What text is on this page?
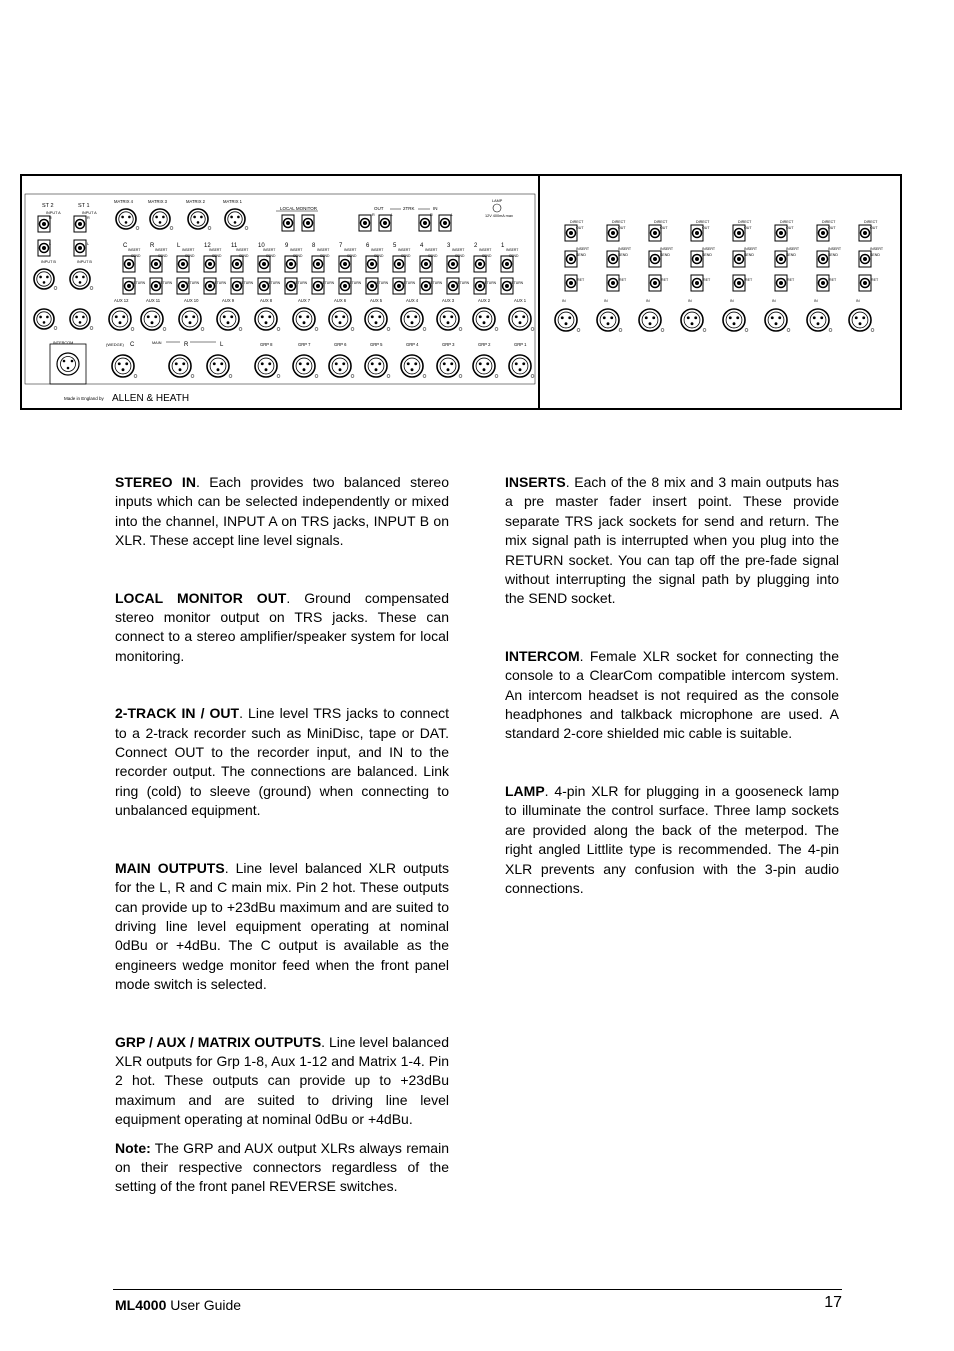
ST 2	ST 1
INPUT A	INPUT A
INPUT B	INPUT B
R
L
R
L
INTERCOM
Made in England by ALLEN & HEATH
MATRIX 4	MATRIX 3	MATRIX 2	MATRIX 1
LOCAL MONITOR	OUT	2TRK	IN
R	L	R	L
LAMP
12V 400mA max
C
INSERT
SEND
RETURN
R
INSERT
SEND
RETURN
L
INSERT
SEND
RETURN
12
INSERT
SEND
RETURN
11
INSERT
SEND
RETURN
10
INSERT
SEND
RETURN
9
INSERT
SEND
RETURN
8
INSERT
SEND
RETURN
7
INSERT
SEND
RETURN
6
INSERT
SEND
RETURN
5
INSERT
SEND
RETURN
4
INSERT
SEND
RETURN
3
INSERT
SEND
RETURN
2
INSERT
SEND
RETURN
1
INSERT
SEND
RETURN
AUX 12	AUX 11	AUX 10	AUX 9	AUX 8	AUX 7	AUX 6	AUX 5	AUX 4	AUX 3	AUX 2	AUX 1
(WEDGE) C	MAIN	R	L	GRP 8	GRP 7	GRP 6	GRP 5	GRP 4	GRP 3	GRP 2	GRP 1
DIRECT
OUT
INSERT
SEND
RET
IN
DIRECT
OUT
INSERT
SEND
RET
IN
DIRECT
OUT
INSERT
SEND
RET
IN
DIRECT
OUT
INSERT
SEND
RET
IN
DIRECT
OUT
INSERT
SEND
RET
IN
DIRECT
OUT
INSERT
SEND
RET
IN
DIRECT
OUT
INSERT
SEND
RET
IN
DIRECT
OUT
INSERT
SEND
RET
IN

STEREO IN. Each provides two balanced stereo inputs which can be selected independently or mixed into the channel, INPUT A on TRS jacks, INPUT B on XLR. These accept line level signals.

LOCAL MONITOR OUT. Ground compensated stereo monitor output on TRS jacks. These can connect to a stereo amplifier/speaker system for local monitoring.

2-TRACK IN / OUT. Line level TRS jacks to connect to a 2-track recorder such as MiniDisc, tape or DAT. Connect OUT to the recorder input, and IN to the recorder output. The connections are balanced. Link ring (cold) to sleeve (ground) when connecting to unbalanced equipment.

MAIN OUTPUTS. Line level balanced XLR outputs for the L, R and C main mix. Pin 2 hot. These outputs can provide up to +23dBu maximum and are suited to driving line level equipment operating at nominal 0dBu or +4dBu. The C output is available as the engineers wedge monitor feed when the front panel mode switch is selected.

GRP / AUX / MATRIX OUTPUTS. Line level balanced XLR outputs for Grp 1-8, Aux 1-12 and Matrix 1-4. Pin 2 hot. These outputs can provide up to +23dBu maximum and are suited to driving line level equipment operating at nominal 0dBu or +4dBu.

Note: The GRP and AUX output XLRs always remain on their respective connectors regardless of the setting of the front panel REVERSE switches.

INSERTS. Each of the 8 mix and 3 main outputs has a pre master fader insert point. These provide separate TRS jack sockets for send and return. The mix signal path is interrupted when you plug into the RETURN socket. You can tap off the pre-fade signal without interrupting the signal path by plugging into the SEND socket.

INTERCOM. Female XLR socket for connecting the console to a ClearCom compatible intercom system. An intercom headset is not required as the console headphones and talkback microphone are used. A standard 2-core shielded mic cable is suitable.

LAMP. 4-pin XLR for plugging in a gooseneck lamp to illuminate the control surface. Three lamp sockets are provided along the back of the meterpod. The right angled Littlite type is recommended. The 4-pin XLR prevents any confusion with the 3-pin audio connections.

ML4000 User Guide	17
